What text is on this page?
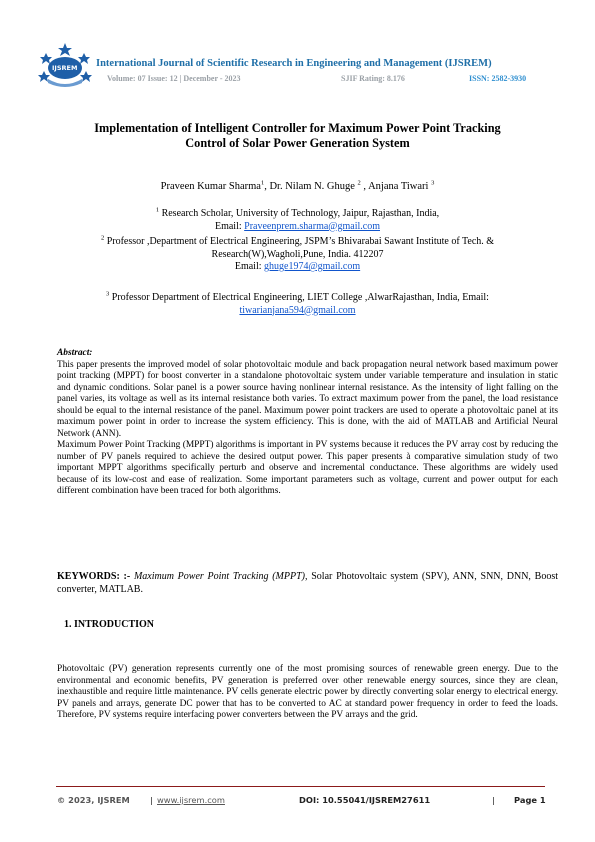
IJSREM International Journal of Scientific Research in Engineering and Management (IJSREM)
Volume: 07 Issue: 12 | December - 2023	SJIF Rating: 8.176	ISSN: 2582-3930
Implementation of Intelligent Controller for Maximum Power Point Tracking
Control of Solar Power Generation System
Praveen Kumar Sharma$^1$, Dr. Nilam N. Ghuge $^2$ , Anjana Tiwari $^3$
$^1$ Research Scholar, University of Technology, Jaipur, Rajasthan, India,
Email: Praveenprem.sharma@gmail.com
$^2$ Professor ,Department of Electrical Engineering, JSPM’s Bhivarabai Sawant Institute of Tech. &
Research(W),Wagholi,Pune, India. 412207
Email: ghuge1974@gmail.com
$^3$ Professor Department of Electrical Engineering, LIET College ,AlwarRajasthan, India, Email:
tiwarianjana594@gmail.com
Abstract:
This paper presents the improved model of solar photovoltaic module and back propagation neural network based maximum power point tracking (MPPT) for boost converter in a standalone photovoltaic system under variable temperature and insulation in static and dynamic conditions. Solar panel is a power source having nonlinear internal resistance. As the intensity of light falling on the panel varies, its voltage as well as its internal resistance both varies. To extract maximum power from the panel, the load resistance should be equal to the internal resistance of the panel. Maximum power point trackers are used to operate a photovoltaic panel at its maximum power point in order to increase the system efficiency. This is done, with the aid of MATLAB and Artificial Neural Network (ANN).
Maximum Power Point Tracking (MPPT) algorithms is important in PV systems because it reduces the PV array cost by reducing the number of PV panels required to achieve the desired output power. This paper presents à comparative simulation study of two important MPPT algorithms specifically perturb and observe and incremental conductance. These algorithms are widely used because of its low-cost and ease of realization. Some important parameters such as voltage, current and power output for each different combination have been traced for both algorithms.
KEYWORDS: :- Maximum Power Point Tracking (MPPT), Solar Photovoltaic system (SPV), ANN, SNN, DNN, Boost converter, MATLAB.
1. INTRODUCTION
Photovoltaic (PV) generation represents currently one of the most promising sources of renewable green energy. Due to the environmental and economic benefits, PV generation is preferred over other renewable energy sources, since they are clean, inexhaustible and require little maintenance. PV cells generate electric power by directly converting solar energy to electrical energy. PV panels and arrays, generate DC power that has to be converted to AC at standard power frequency in order to feed the loads. Therefore, PV systems require interfacing power converters between the PV arrays and the grid.
© 2023, IJSREM | www.ijsrem.com	DOI: 10.55041/IJSREM27611	| Page 1
